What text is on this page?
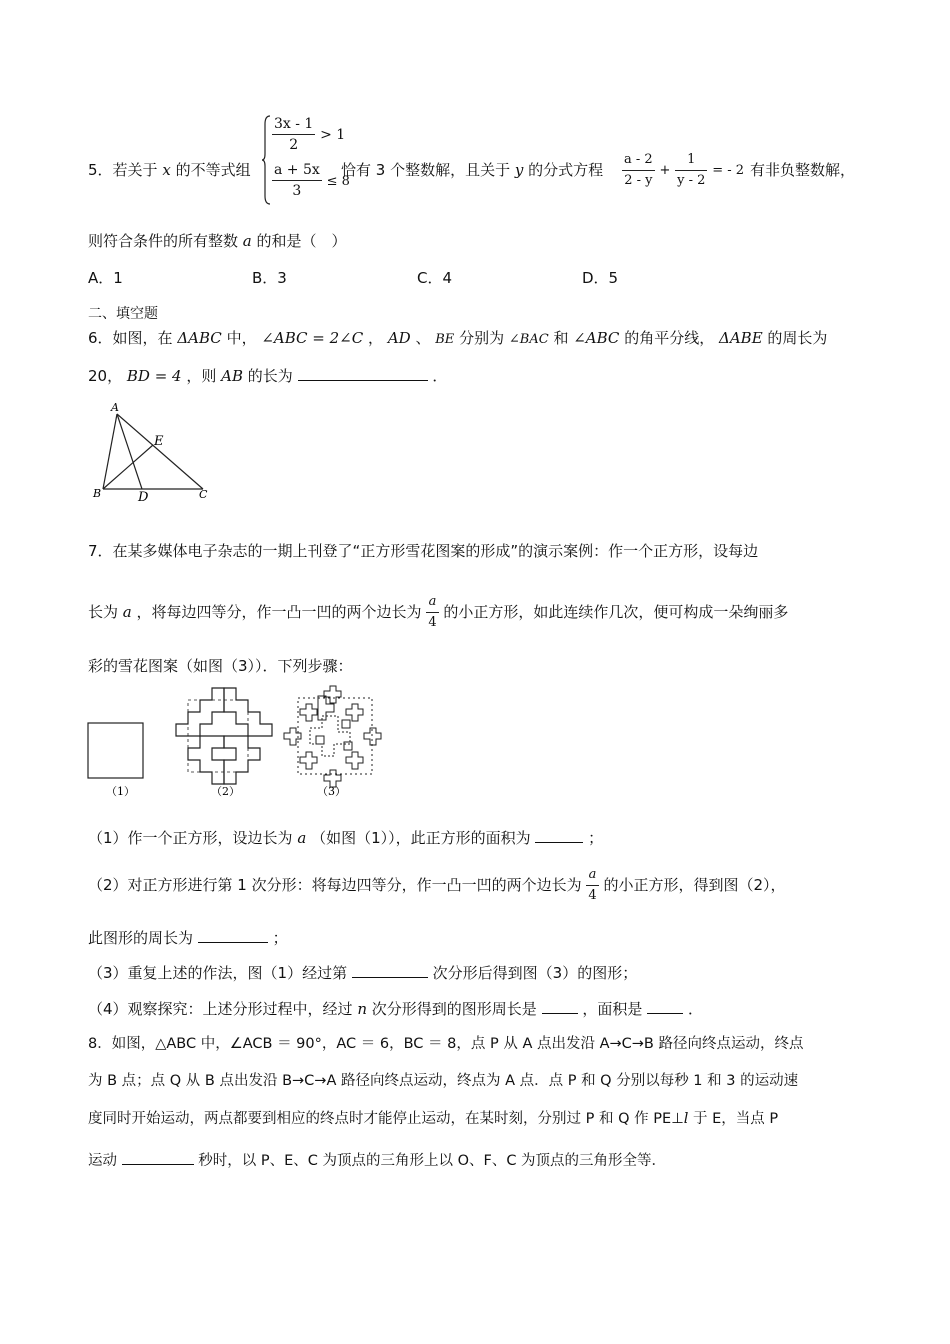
5．若关于 x 的不等式组
$\frac{3x - 1}{2} > 1$
$\frac{a + 5x}{3} \le 8$
恰有 3 个整数解，且关于 y 的分式方程 $\frac{a - 2}{2 - y} + \frac{1}{y - 2}$ = - 2 有非负整数解，
则符合条件的所有整数 a 的和是（　）
A．1	B．3	C．4	D．5
二、填空题
6．如图，在 ΔABC 中， ∠ABC = 2∠C ， AD 、 BE 分别为 ∠BAC 和 ∠ABC 的角平分线， ΔABE 的周长为
20， BD = 4 ，则 AB 的长为	．
A
B	C
D
E
7．在某多媒体电子杂志的一期上刊登了“正方形雪花图案的形成”的演示案例：作一个正方形，设每边
长为 a ，将每边四等分，作一凸一凹的两个边长为 $\frac{a}{4}$ 的小正方形，如此连续作几次，便可构成一朵绚丽多
彩的雪花图案（如图（3））．下列步骤：
（1）	（2）	（3）
（1）作一个正方形，设边长为 a （如图（1）），此正方形的面积为	；
（2）对正方形进行第 1 次分形：将每边四等分，作一凸一凹的两个边长为 $\frac{a}{4}$ 的小正方形，得到图（2），
此图形的周长为	；
（3）重复上述的作法，图（1）经过第	次分形后得到图（3）的图形；
（4）观察探究：上述分形过程中，经过 n 次分形得到的图形周长是	，面积是	．
8．如图，△ABC 中，∠ACB ＝ 90°，AC ＝ 6，BC ＝ 8，点 P 从 A 点出发沿 A→C→B 路径向终点运动，终点
为 B 点；点 Q 从 B 点出发沿 B→C→A 路径向终点运动，终点为 A 点．点 P 和 Q 分别以每秒 1 和 3 的运动速
度同时开始运动，两点都要到相应的终点时才能停止运动，在某时刻，分别过 P 和 Q 作 PE⊥l 于 E，当点 P
运动	秒时，以 P、E、C 为顶点的三角形上以 O、F、C 为顶点的三角形全等．
